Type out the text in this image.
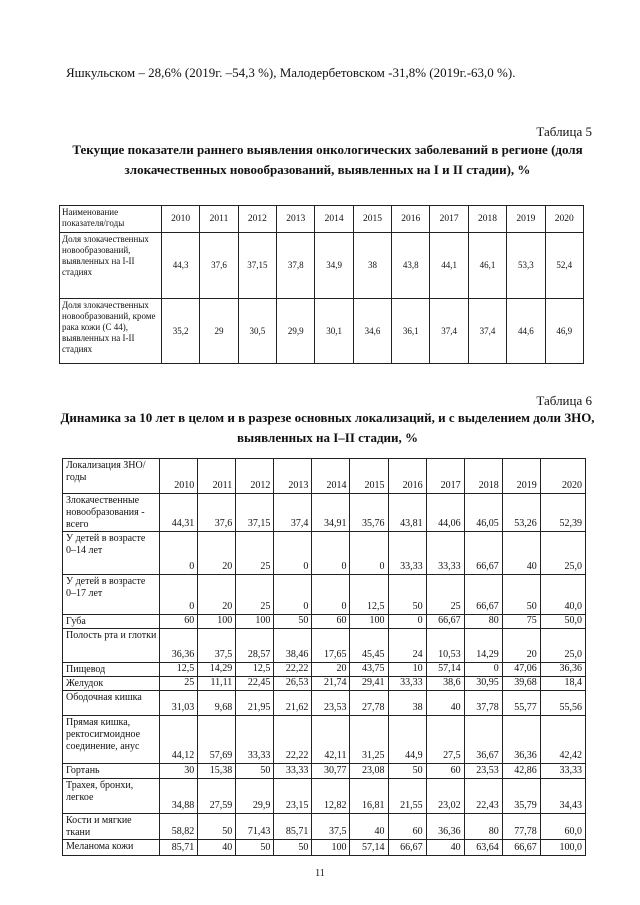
Яшкульском – 28,6% (2019г. –54,3 %), Малодербетовском -31,8% (2019г.-63,0 %).
Таблица 5
Текущие показатели раннего выявления онкологических заболеваний в регионе (доля злокачественных новообразований, выявленных на I и II стадии), %
Наименование показателя/годы	2010	2011	2012	2013	2014	2015	2016	2017	2018	2019	2020
Доля злокачественных новообразований, выявленных на I-II стадиях	44,3	37,6	37,15	37,8	34,9	38	43,8	44,1	46,1	53,3	52,4
Доля злокачественных новообразований, кроме рака кожи (С 44), выявленных на I-II стадиях	35,2	29	30,5	29,9	30,1	34,6	36,1	37,4	37,4	44,6	46,9
Таблица 6
Динамика за 10 лет в целом и в разрезе основных локализаций, и с выделением доли ЗНО, выявленных на I–II стадии, %
Локализация ЗНО/годы	2010	2011	2012	2013	2014	2015	2016	2017	2018	2019	2020
Злокачественные новообразования - всего	44,31	37,6	37,15	37,4	34,91	35,76	43,81	44,06	46,05	53,26	52,39
У детей в возрасте 0–14 лет	0	20	25	0	0	0	33,33	33,33	66,67	40	25,0
У детей в возрасте 0–17 лет	0	20	25	0	0	12,5	50	25	66,67	50	40,0
Губа	60	100	100	50	60	100	0	66,67	80	75	50,0
Полость рта и глотки	36,36	37,5	28,57	38,46	17,65	45,45	24	10,53	14,29	20	25,0
Пищевод	12,5	14,29	12,5	22,22	20	43,75	10	57,14	0	47,06	36,36
Желудок	25	11,11	22,45	26,53	21,74	29,41	33,33	38,6	30,95	39,68	18,4
Ободочная кишка	31,03	9,68	21,95	21,62	23,53	27,78	38	40	37,78	55,77	55,56
Прямая кишка, ректосигмоидное соединение, анус	44,12	57,69	33,33	22,22	42,11	31,25	44,9	27,5	36,67	36,36	42,42
Гортань	30	15,38	50	33,33	30,77	23,08	50	60	23,53	42,86	33,33
Трахея, бронхи, легкое	34,88	27,59	29,9	23,15	12,82	16,81	21,55	23,02	22,43	35,79	34,43
Кости и мягкие ткани	58,82	50	71,43	85,71	37,5	40	60	36,36	80	77,78	60,0
Меланома кожи	85,71	40	50	50	100	57,14	66,67	40	63,64	66,67	100,0
11
